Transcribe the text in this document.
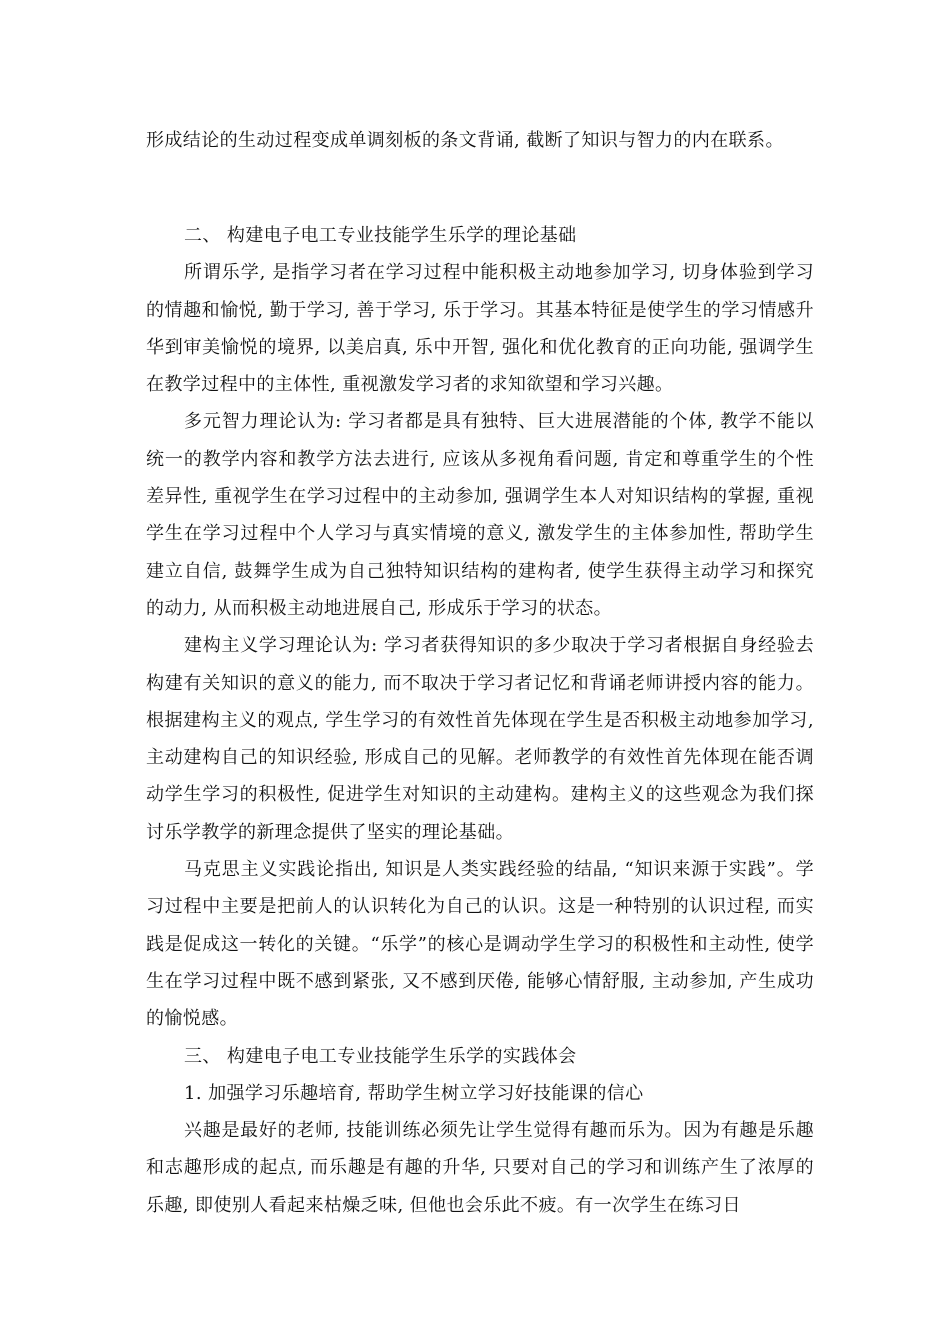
形成结论的生动过程变成单调刻板的条文背诵, 截断了知识与智力的内在联系。

二、 构建电子电工专业技能学生乐学的理论基础

所谓乐学, 是指学习者在学习过程中能积极主动地参加学习, 切身体验到学习的情趣和愉悦, 勤于学习, 善于学习, 乐于学习。其基本特征是使学生的学习情感升华到审美愉悦的境界, 以美启真, 乐中开智, 强化和优化教育的正向功能, 强调学生在教学过程中的主体性, 重视激发学习者的求知欲望和学习兴趣。

多元智力理论认为: 学习者都是具有独特、巨大进展潜能的个体, 教学不能以统一的教学内容和教学方法去进行, 应该从多视角看问题, 肯定和尊重学生的个性差异性, 重视学生在学习过程中的主动参加, 强调学生本人对知识结构的掌握, 重视学生在学习过程中个人学习与真实情境的意义, 激发学生的主体参加性, 帮助学生建立自信, 鼓舞学生成为自己独特知识结构的建构者, 使学生获得主动学习和探究的动力, 从而积极主动地进展自己, 形成乐于学习的状态。

建构主义学习理论认为: 学习者获得知识的多少取决于学习者根据自身经验去构建有关知识的意义的能力, 而不取决于学习者记忆和背诵老师讲授内容的能力。根据建构主义的观点, 学生学习的有效性首先体现在学生是否积极主动地参加学习, 主动建构自己的知识经验, 形成自己的见解。老师教学的有效性首先体现在能否调动学生学习的积极性, 促进学生对知识的主动建构。建构主义的这些观念为我们探讨乐学教学的新理念提供了坚实的理论基础。

马克思主义实践论指出, 知识是人类实践经验的结晶, “知识来源于实践”。学习过程中主要是把前人的认识转化为自己的认识。这是一种特别的认识过程, 而实践是促成这一转化的关键。“乐学”的核心是调动学生学习的积极性和主动性, 使学生在学习过程中既不感到紧张, 又不感到厌倦, 能够心情舒服, 主动参加, 产生成功的愉悦感。

三、 构建电子电工专业技能学生乐学的实践体会

1. 加强学习乐趣培育, 帮助学生树立学习好技能课的信心

兴趣是最好的老师, 技能训练必须先让学生觉得有趣而乐为。因为有趣是乐趣和志趣形成的起点, 而乐趣是有趣的升华, 只要对自己的学习和训练产生了浓厚的乐趣, 即使别人看起来枯燥乏味, 但他也会乐此不疲。有一次学生在练习日
